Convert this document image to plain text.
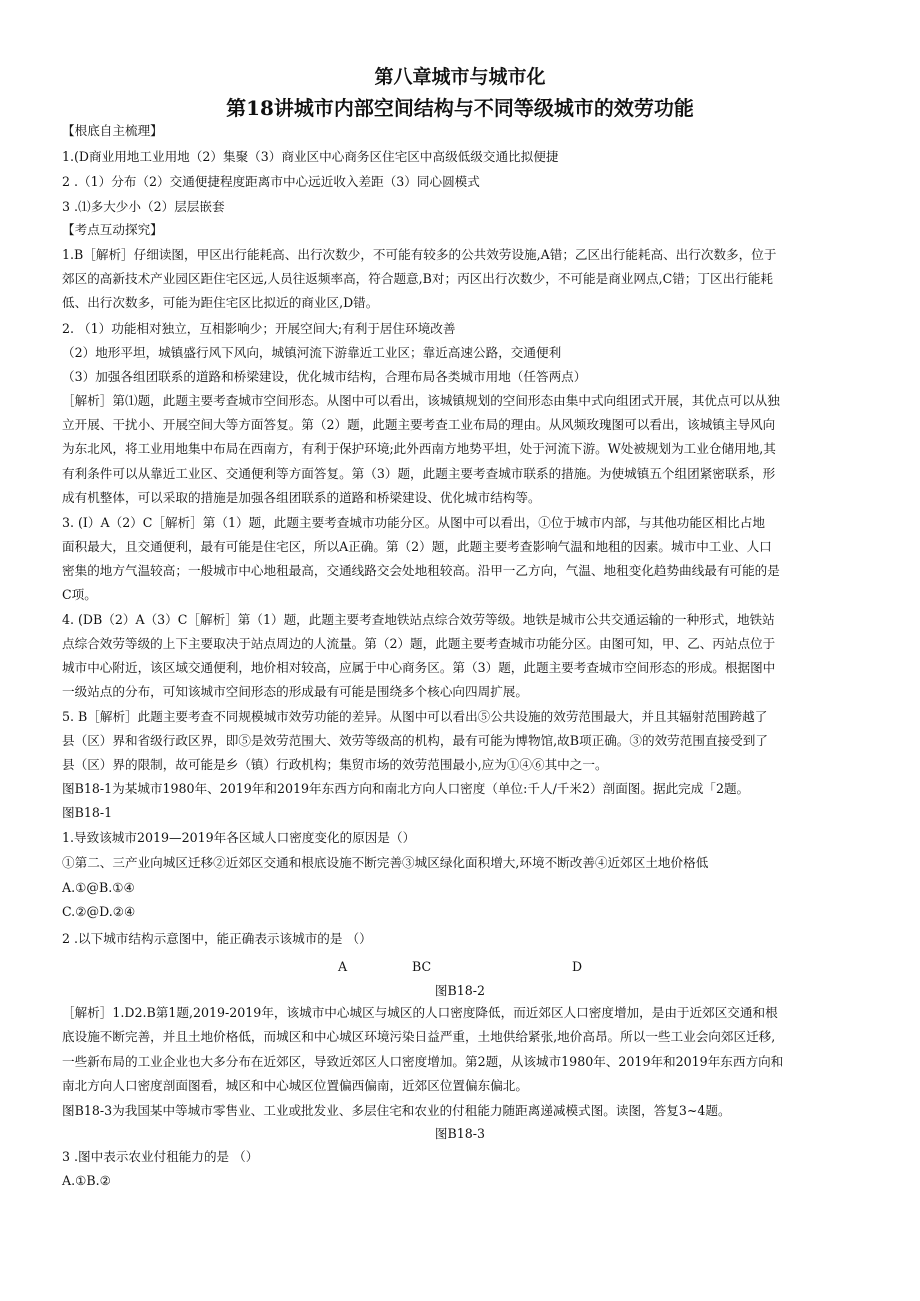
第八章城市与城市化
第18讲城市内部空间结构与不同等级城市的效劳功能
【根底自主梳理】
1.(D商业用地工业用地（2）集聚（3）商业区中心商务区住宅区中高级低级交通比拟便捷
2 .（1）分布（2）交通便捷程度距离市中心远近收入差距（3）同心圆模式
3 .⑴多大少小（2）层层嵌套
【考点互动探究】
1.B［解析］仔细读图，甲区出行能耗高、出行次数少，不可能有较多的公共效劳设施,A错；乙区出行能耗高、出行次数多，位于
郊区的高新技术产业园区距住宅区远,人员往返频率高，符合题意,B对；丙区出行次数少，不可能是商业网点,C错；丁区出行能耗
低、出行次数多，可能为距住宅区比拟近的商业区,D错。
2. （1）功能相对独立，互相影响少；开展空间大;有利于居住环境改善
（2）地形平坦，城镇盛行风下风向，城镇河流下游靠近工业区；靠近高速公路，交通便利
（3）加强各组团联系的道路和桥梁建设，优化城市结构，合理布局各类城市用地（任答两点）
［解析］第⑴题，此题主要考查城市空间形态。从图中可以看出，该城镇规划的空间形态由集中式向组团式开展，其优点可以从独
立开展、干扰小、开展空间大等方面答复。第（2）题，此题主要考查工业布局的理由。从风频玫瑰图可以看出，该城镇主导风向
为东北风，将工业用地集中布局在西南方，有利于保护环境;此外西南方地势平坦，处于河流下游。W处被规划为工业仓储用地,其
有利条件可以从靠近工业区、交通便利等方面答复。第（3）题，此题主要考查城市联系的措施。为使城镇五个组团紧密联系，形
成有机整体，可以采取的措施是加强各组团联系的道路和桥梁建设、优化城市结构等。
3. (I）A（2）C［解析］第（1）题，此题主要考查城市功能分区。从图中可以看出，①位于城市内部，与其他功能区相比占地
面积最大，且交通便利，最有可能是住宅区，所以A正确。第（2）题，此题主要考查影响气温和地租的因素。城市中工业、人口
密集的地方气温较高；一般城市中心地租最高，交通线路交会处地租较高。沿甲一乙方向，气温、地租变化趋势曲线最有可能的是
C项。
4. (DB（2）A（3）C［解析］第（1）题，此题主要考查地铁站点综合效劳等级。地铁是城市公共交通运输的一种形式，地铁站
点综合效劳等级的上下主要取决于站点周边的人流量。第（2）题，此题主要考查城市功能分区。由图可知，甲、乙、丙站点位于
城市中心附近，该区域交通便利，地价相对较高，应属于中心商务区。第（3）题，此题主要考查城市空间形态的形成。根据图中
一级站点的分布，可知该城市空间形态的形成最有可能是围绕多个核心向四周扩展。
5. B［解析］此题主要考查不同规模城市效劳功能的差异。从图中可以看出⑤公共设施的效劳范围最大，并且其辐射范围跨越了
县（区）界和省级行政区界，即⑤是效劳范围大、效劳等级高的机构，最有可能为博物馆,故B项正确。③的效劳范围直接受到了
县（区）界的限制，故可能是乡（镇）行政机构；集贸市场的效劳范围最小,应为①④⑥其中之一。
图B18-1为某城市1980年、2019年和2019年东西方向和南北方向人口密度（单位:千人/千米2）剖面图。据此完成「2题。
图B18-1
1.导致该城市2019—2019年各区域人口密度变化的原因是（）
①第二、三产业向城区迁移②近郊区交通和根底设施不断完善③城区绿化面积增大,环境不断改善④近郊区土地价格低
A.①@B.①④
C.②@D.②④
2 .以下城市结构示意图中，能正确表示该城市的是 （）
A	BC	D
图B18-2
［解析］1.D2.B第1题,2019-2019年，该城市中心城区与城区的人口密度降低，而近郊区人口密度增加，是由于近郊区交通和根
底设施不断完善，并且土地价格低，而城区和中心城区环境污染日益严重，土地供给紧张,地价高昂。所以一些工业会向郊区迁移,
一些新布局的工业企业也大多分布在近郊区，导致近郊区人口密度增加。第2题，从该城市1980年、2019年和2019年东西方向和
南北方向人口密度剖面图看，城区和中心城区位置偏西偏南，近郊区位置偏东偏北。
图B18-3为我国某中等城市零售业、工业或批发业、多层住宅和农业的付租能力随距离递减模式图。读图，答复3~4题。
图B18-3
3 .图中表示农业付租能力的是 （）
A.①B.②
